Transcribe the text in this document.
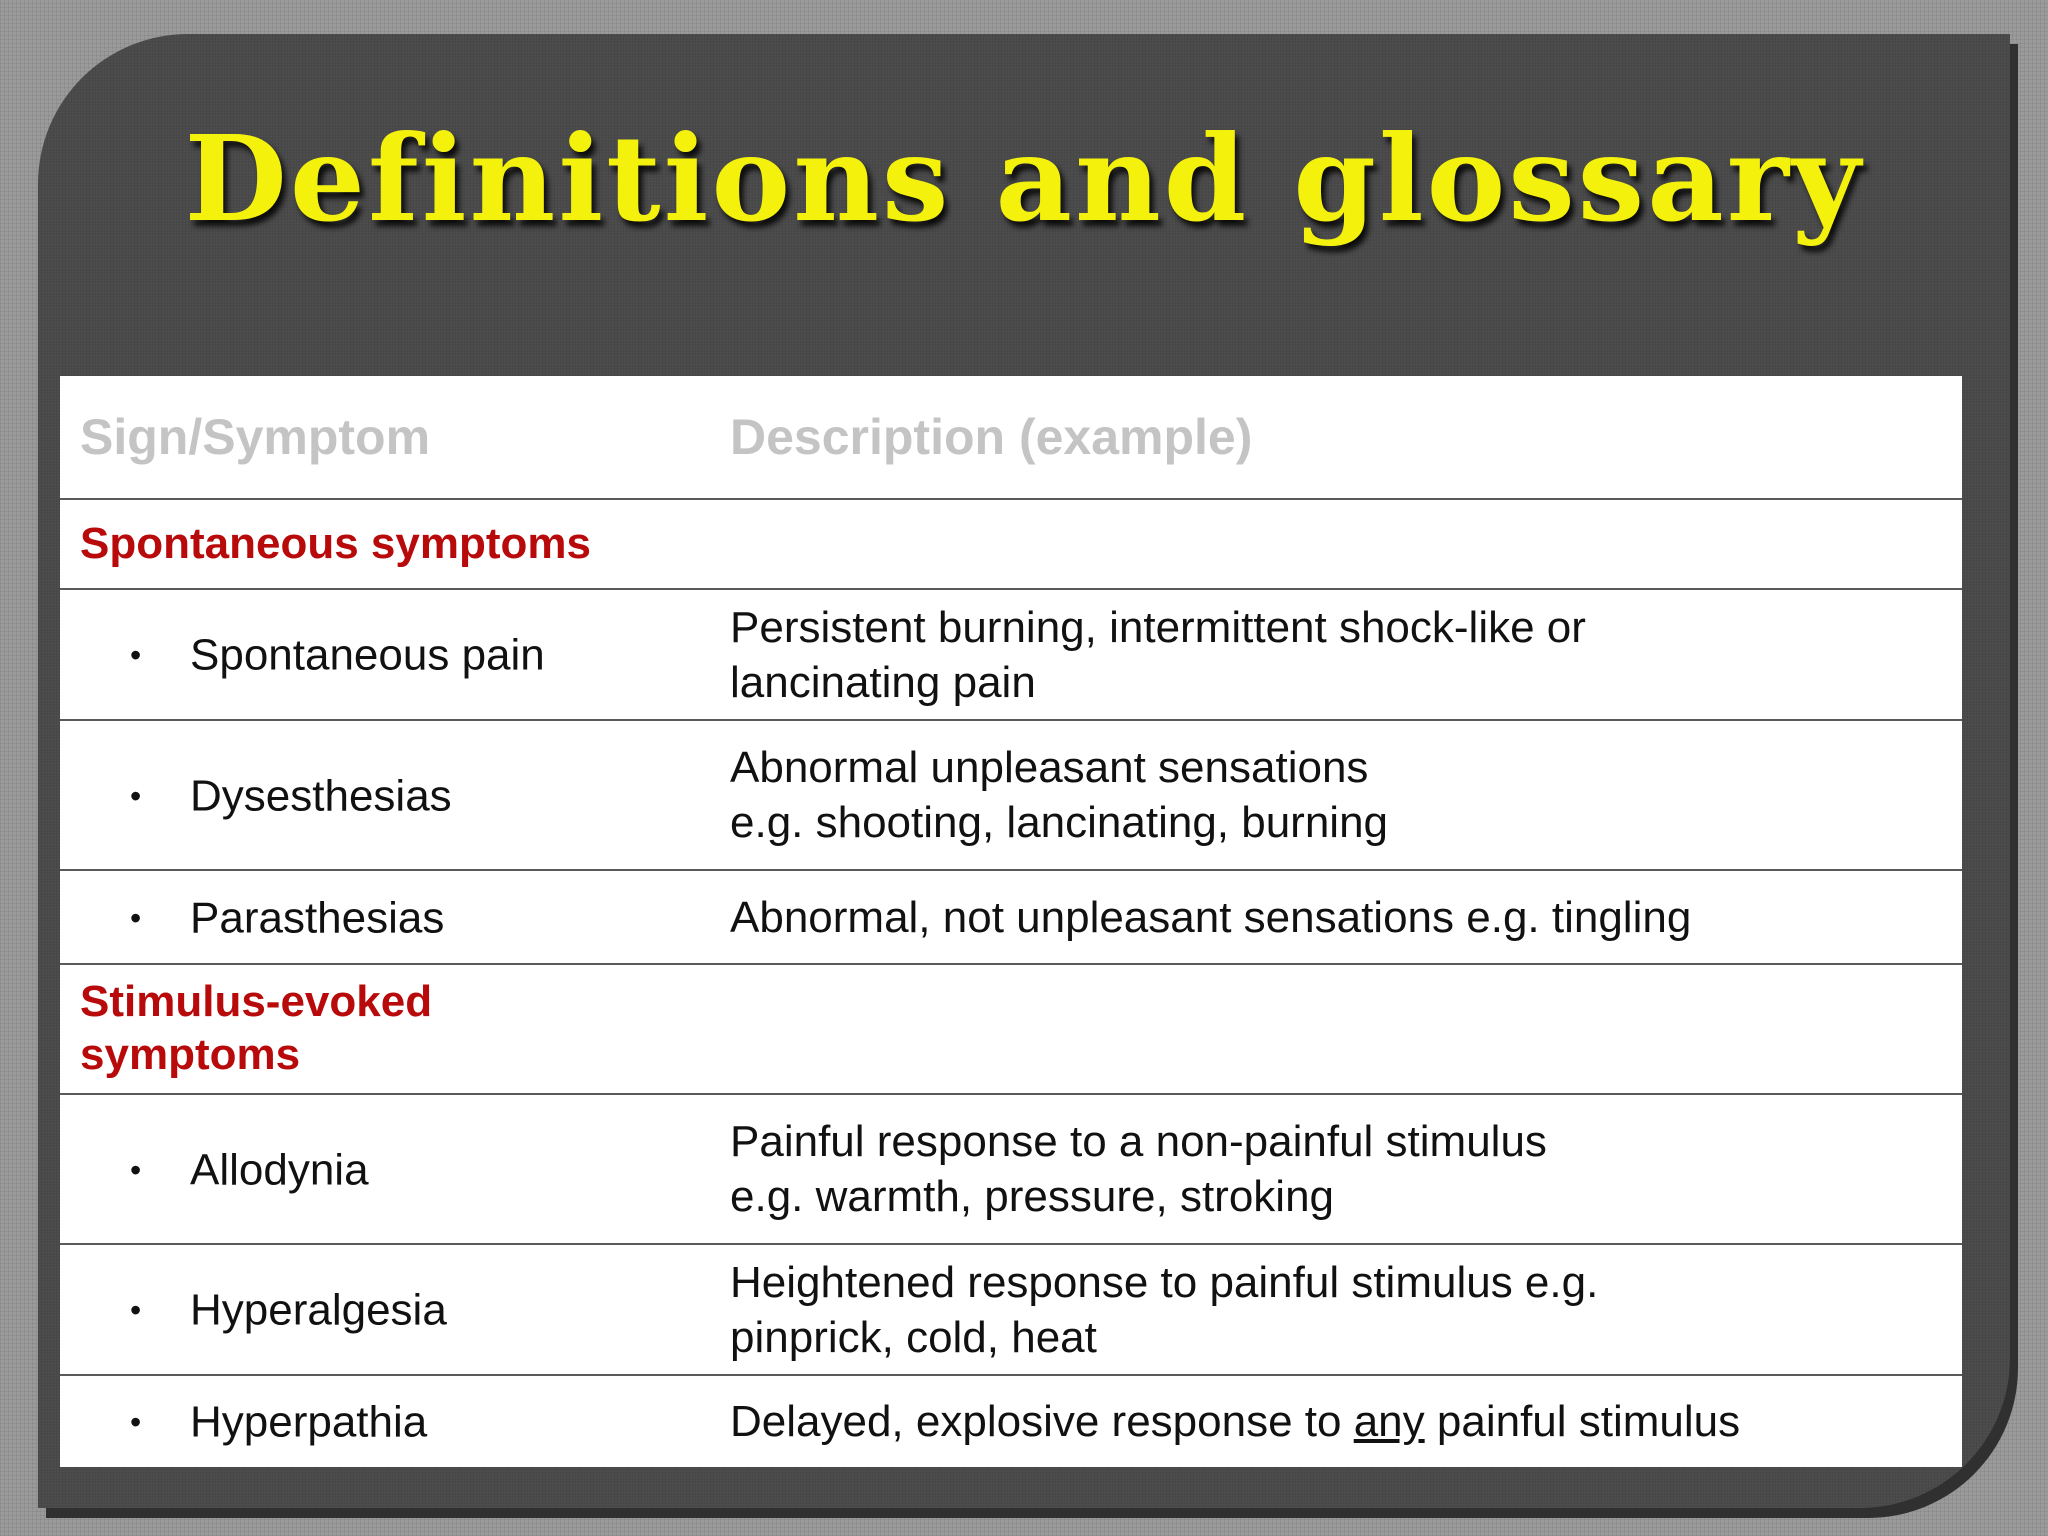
Definitions and glossary
Sign/Symptom	Description (example)
Spontaneous symptoms	
• Spontaneous pain	Persistent burning, intermittent shock-like or
lancinating pain
• Dysesthesias	Abnormal unpleasant sensations
e.g. shooting, lancinating, burning
• Parasthesias	Abnormal, not unpleasant sensations e.g. tingling
Stimulus-evoked
symptoms	
• Allodynia	Painful response to a non-painful stimulus
e.g. warmth, pressure, stroking
• Hyperalgesia	Heightened response to painful stimulus e.g.
pinprick, cold, heat
• Hyperpathia	Delayed, explosive response to any painful stimulus
